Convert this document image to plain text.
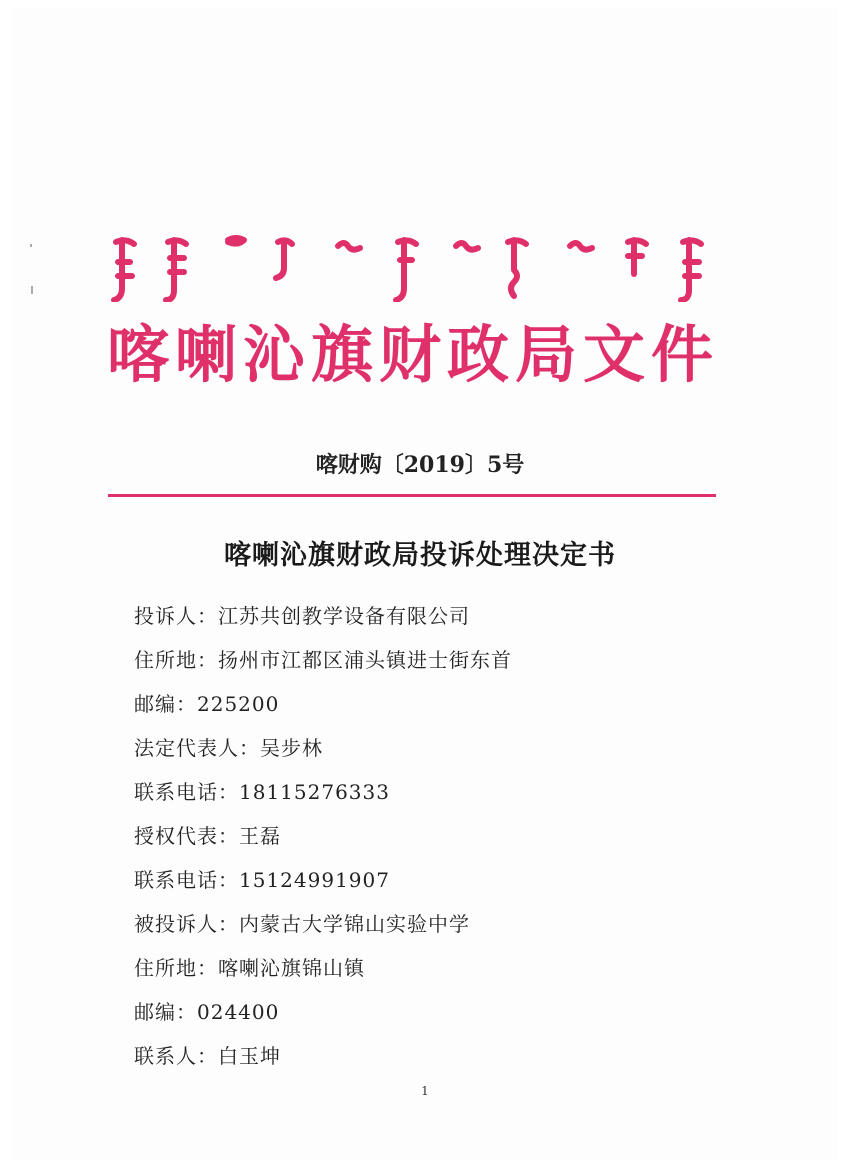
喀喇沁旗财政局文件
喀财购〔2019〕5号
喀喇沁旗财政局投诉处理决定书
投诉人：江苏共创教学设备有限公司
住所地：扬州市江都区浦头镇进士街东首
邮编：225200
法定代表人：吴步林
联系电话：18115276333
授权代表：王磊
联系电话：15124991907
被投诉人：内蒙古大学锦山实验中学
住所地：喀喇沁旗锦山镇
邮编：024400
联系人：白玉坤
1
